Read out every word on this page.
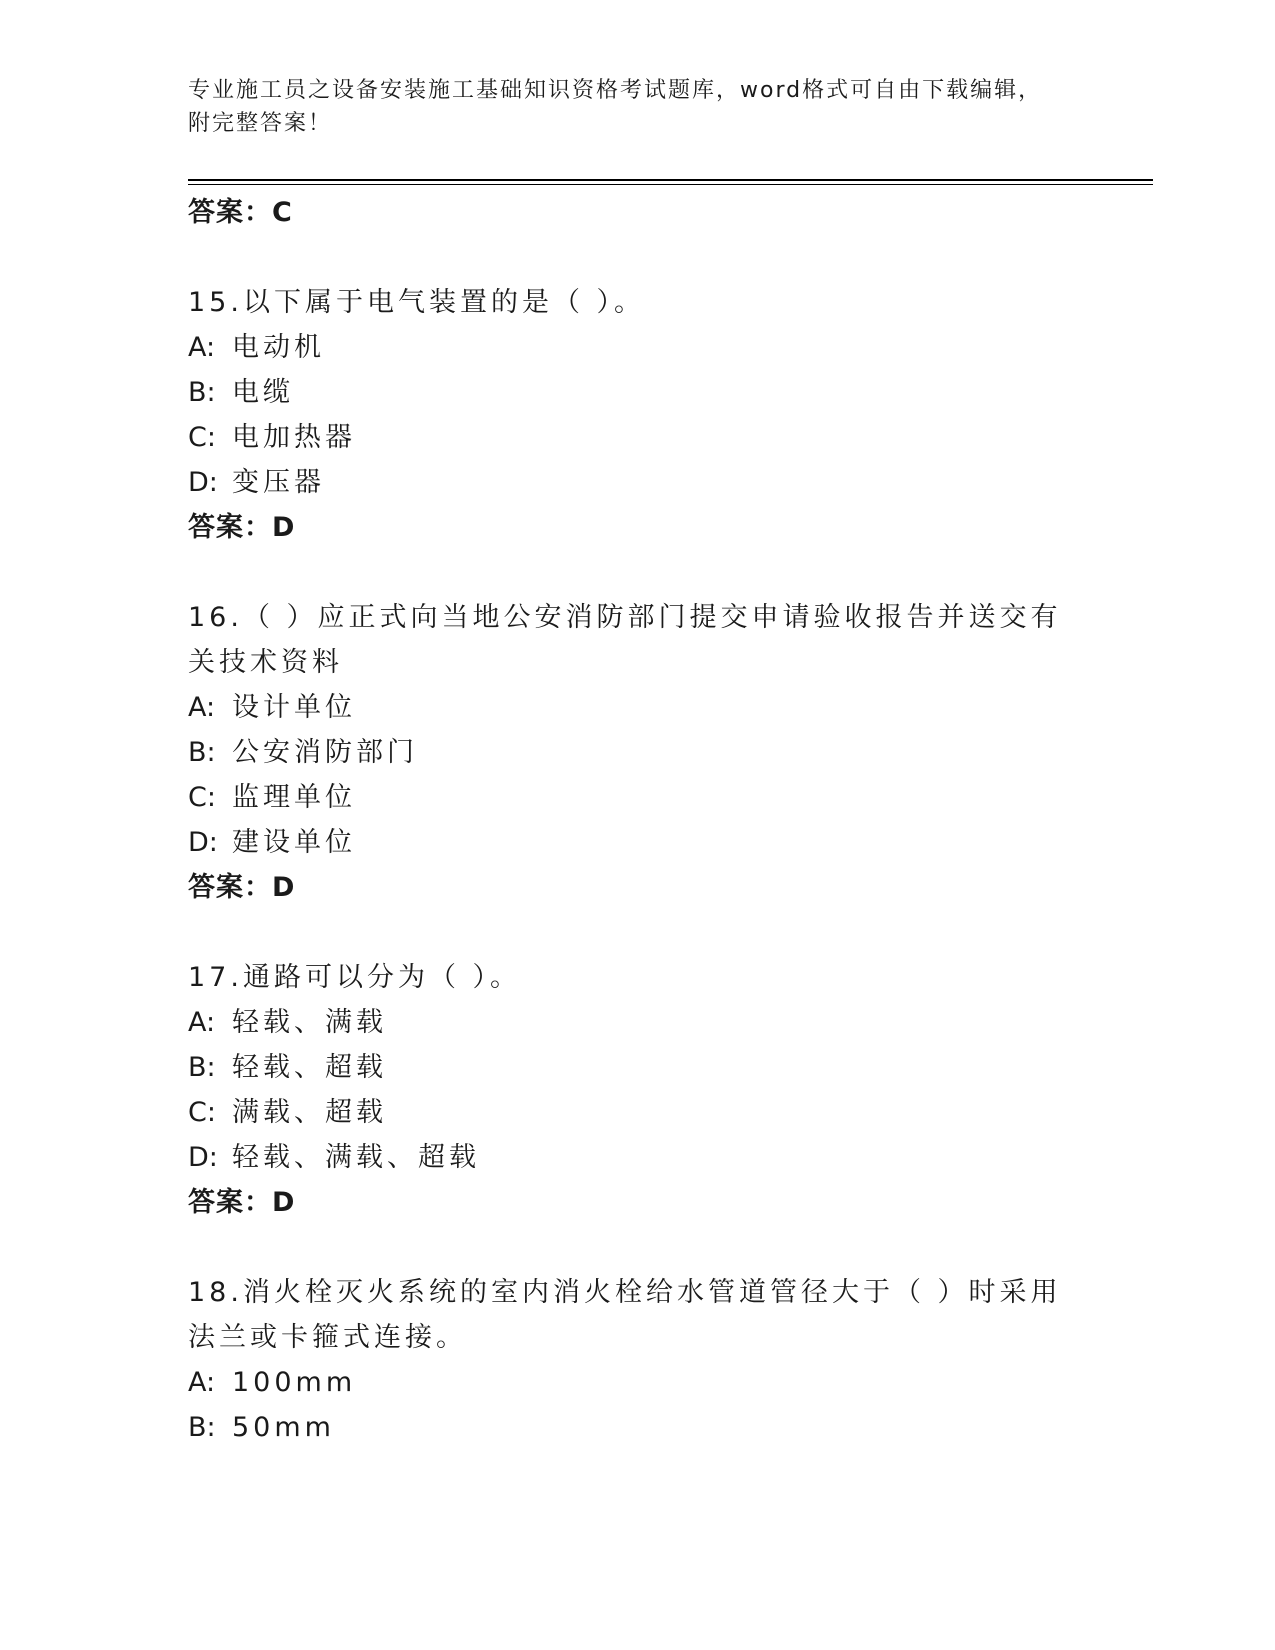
专业施工员之设备安装施工基础知识资格考试题库，word格式可自由下载编辑，
附完整答案！
答案：C
15.以下属于电气装置的是（ ）。
A: 电动机
B: 电缆
C: 电加热器
D: 变压器
答案：D
16.（ ）应正式向当地公安消防部门提交申请验收报告并送交有关技术资料
A: 设计单位
B: 公安消防部门
C: 监理单位
D: 建设单位
答案：D
17.通路可以分为（ ）。
A: 轻载、满载
B: 轻载、超载
C: 满载、超载
D: 轻载、满载、超载
答案：D
18.消火栓灭火系统的室内消火栓给水管道管径大于（ ）时采用法兰或卡箍式连接。
A: 100mm
B: 50mm
